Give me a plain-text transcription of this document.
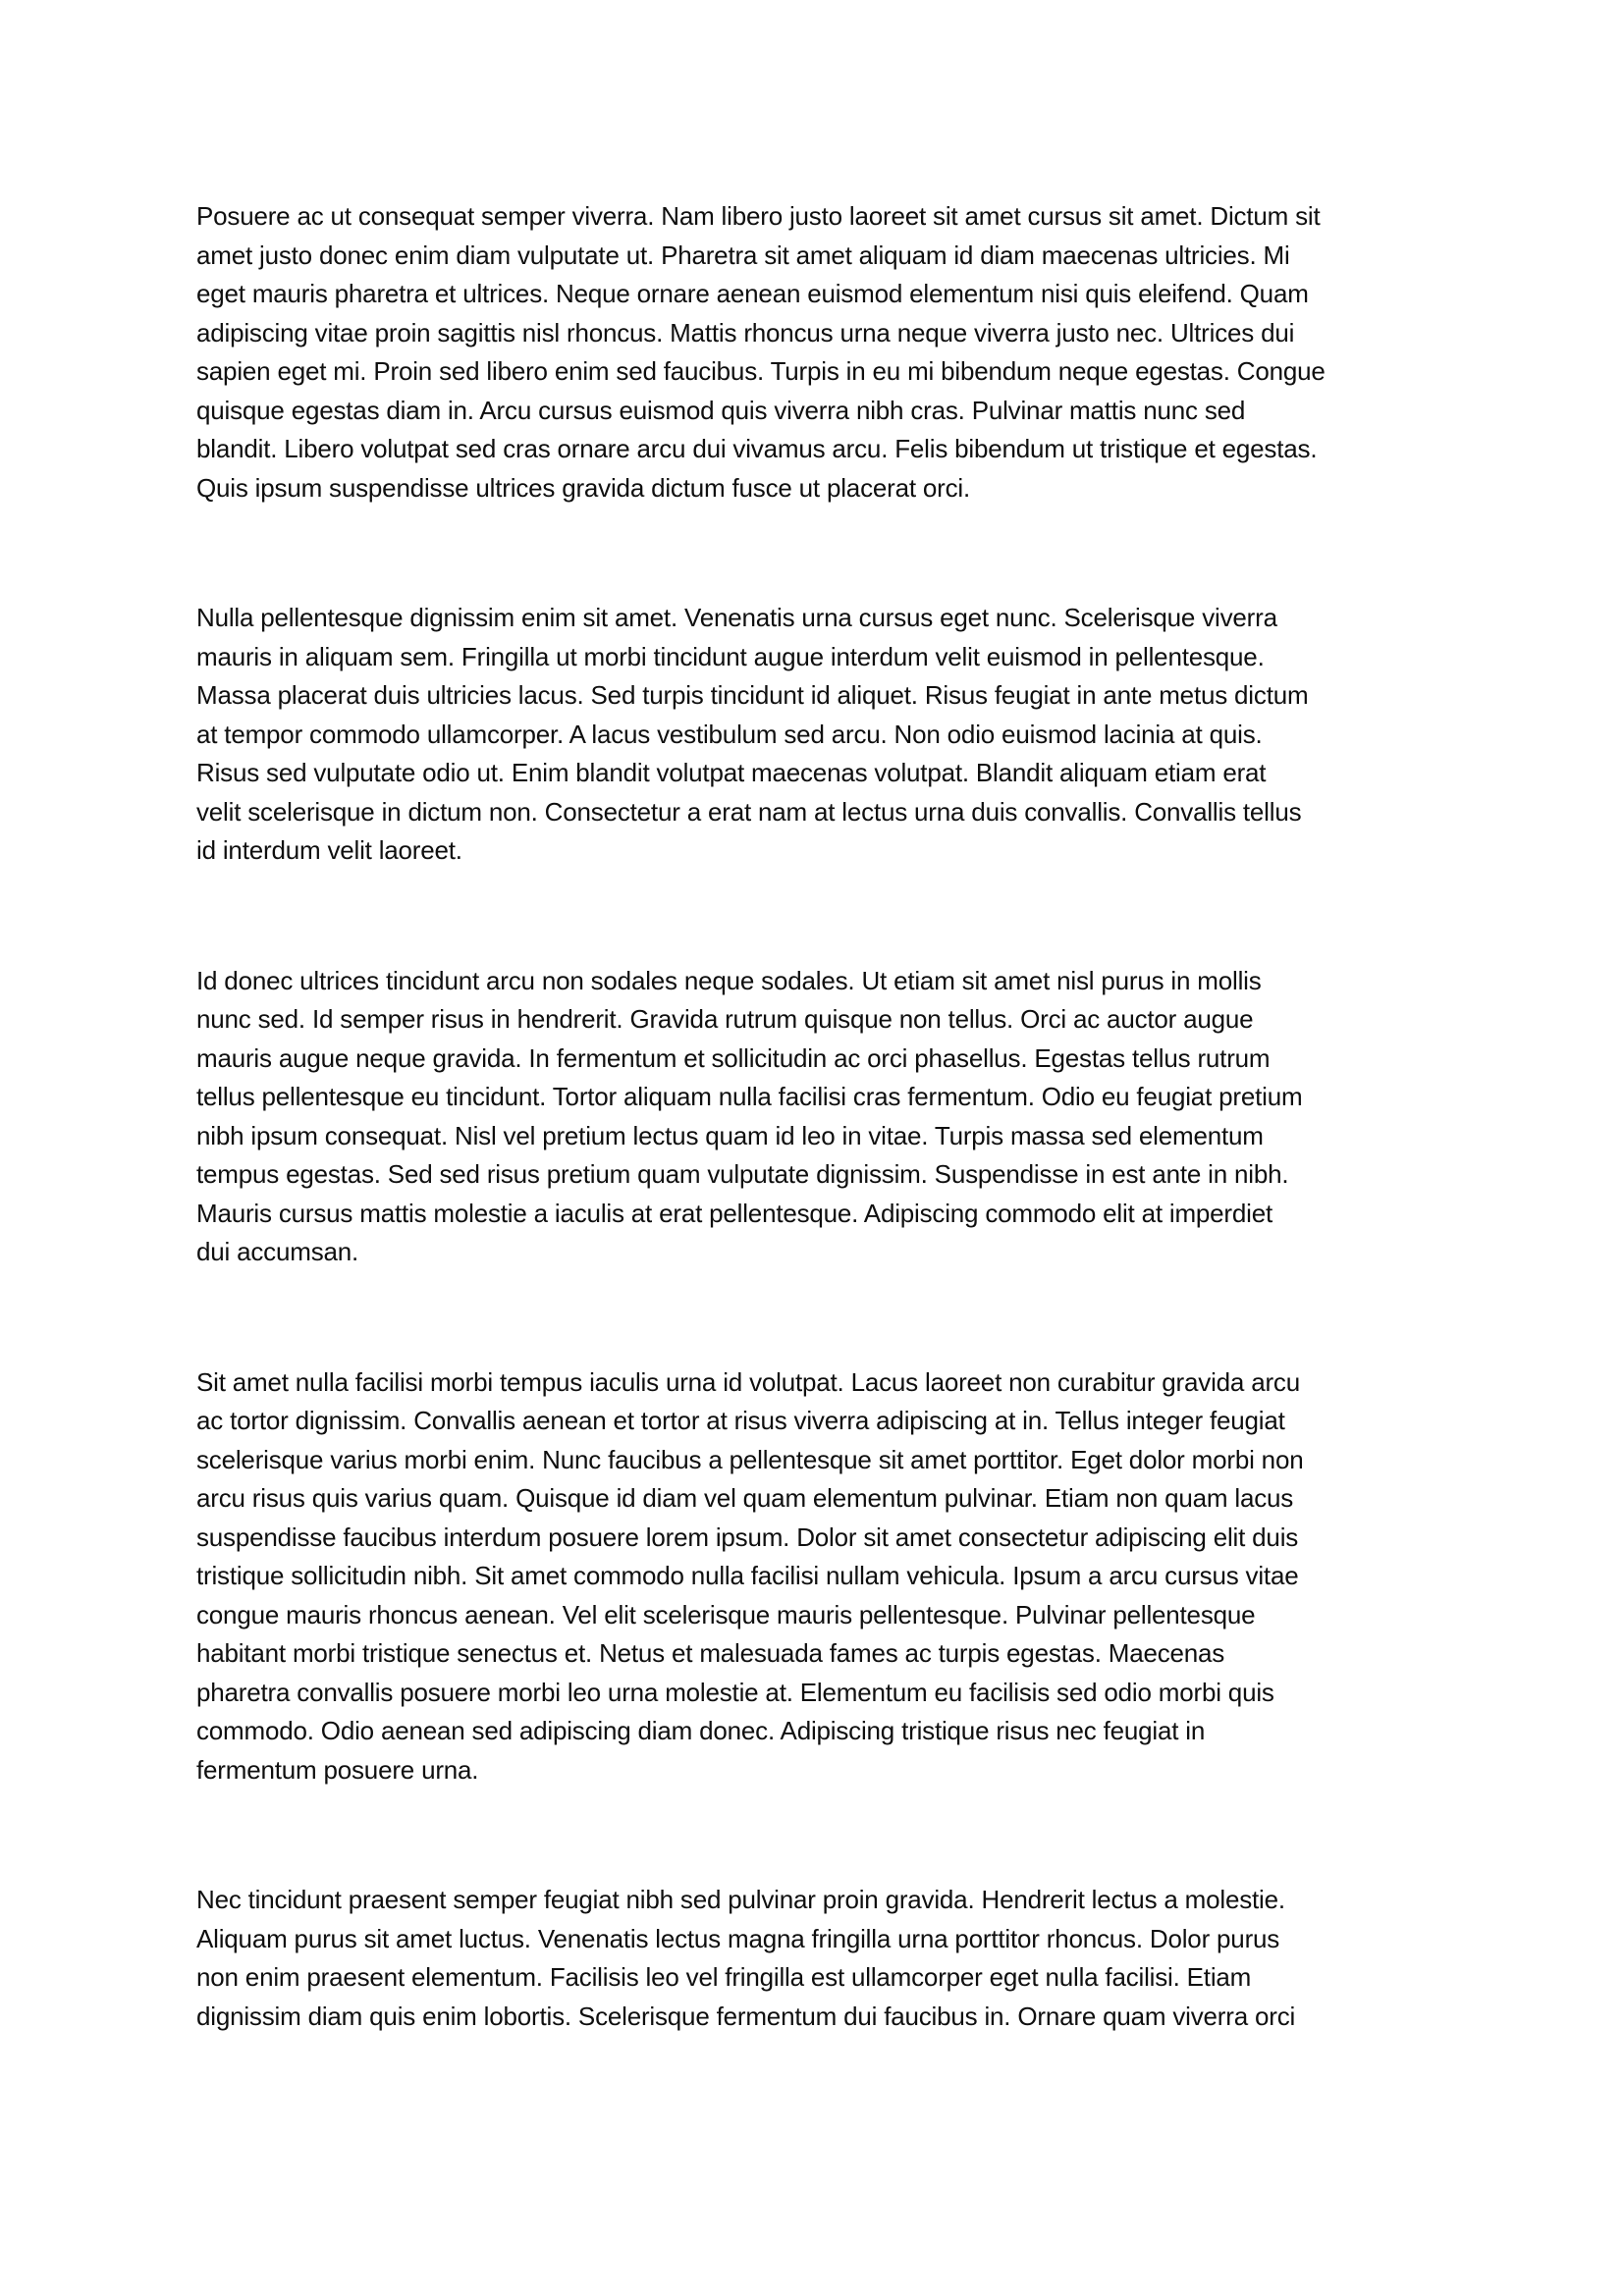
Posuere ac ut consequat semper viverra. Nam libero justo laoreet sit amet cursus sit amet. Dictum sit
amet justo donec enim diam vulputate ut. Pharetra sit amet aliquam id diam maecenas ultricies. Mi
eget mauris pharetra et ultrices. Neque ornare aenean euismod elementum nisi quis eleifend. Quam
adipiscing vitae proin sagittis nisl rhoncus. Mattis rhoncus urna neque viverra justo nec. Ultrices dui
sapien eget mi. Proin sed libero enim sed faucibus. Turpis in eu mi bibendum neque egestas. Congue
quisque egestas diam in. Arcu cursus euismod quis viverra nibh cras. Pulvinar mattis nunc sed
blandit. Libero volutpat sed cras ornare arcu dui vivamus arcu. Felis bibendum ut tristique et egestas.
Quis ipsum suspendisse ultrices gravida dictum fusce ut placerat orci.
Nulla pellentesque dignissim enim sit amet. Venenatis urna cursus eget nunc. Scelerisque viverra
mauris in aliquam sem. Fringilla ut morbi tincidunt augue interdum velit euismod in pellentesque.
Massa placerat duis ultricies lacus. Sed turpis tincidunt id aliquet. Risus feugiat in ante metus dictum
at tempor commodo ullamcorper. A lacus vestibulum sed arcu. Non odio euismod lacinia at quis.
Risus sed vulputate odio ut. Enim blandit volutpat maecenas volutpat. Blandit aliquam etiam erat
velit scelerisque in dictum non. Consectetur a erat nam at lectus urna duis convallis. Convallis tellus
id interdum velit laoreet.
Id donec ultrices tincidunt arcu non sodales neque sodales. Ut etiam sit amet nisl purus in mollis
nunc sed. Id semper risus in hendrerit. Gravida rutrum quisque non tellus. Orci ac auctor augue
mauris augue neque gravida. In fermentum et sollicitudin ac orci phasellus. Egestas tellus rutrum
tellus pellentesque eu tincidunt. Tortor aliquam nulla facilisi cras fermentum. Odio eu feugiat pretium
nibh ipsum consequat. Nisl vel pretium lectus quam id leo in vitae. Turpis massa sed elementum
tempus egestas. Sed sed risus pretium quam vulputate dignissim. Suspendisse in est ante in nibh.
Mauris cursus mattis molestie a iaculis at erat pellentesque. Adipiscing commodo elit at imperdiet
dui accumsan.
Sit amet nulla facilisi morbi tempus iaculis urna id volutpat. Lacus laoreet non curabitur gravida arcu
ac tortor dignissim. Convallis aenean et tortor at risus viverra adipiscing at in. Tellus integer feugiat
scelerisque varius morbi enim. Nunc faucibus a pellentesque sit amet porttitor. Eget dolor morbi non
arcu risus quis varius quam. Quisque id diam vel quam elementum pulvinar. Etiam non quam lacus
suspendisse faucibus interdum posuere lorem ipsum. Dolor sit amet consectetur adipiscing elit duis
tristique sollicitudin nibh. Sit amet commodo nulla facilisi nullam vehicula. Ipsum a arcu cursus vitae
congue mauris rhoncus aenean. Vel elit scelerisque mauris pellentesque. Pulvinar pellentesque
habitant morbi tristique senectus et. Netus et malesuada fames ac turpis egestas. Maecenas
pharetra convallis posuere morbi leo urna molestie at. Elementum eu facilisis sed odio morbi quis
commodo. Odio aenean sed adipiscing diam donec. Adipiscing tristique risus nec feugiat in
fermentum posuere urna.
Nec tincidunt praesent semper feugiat nibh sed pulvinar proin gravida. Hendrerit lectus a molestie.
Aliquam purus sit amet luctus. Venenatis lectus magna fringilla urna porttitor rhoncus. Dolor purus
non enim praesent elementum. Facilisis leo vel fringilla est ullamcorper eget nulla facilisi. Etiam
dignissim diam quis enim lobortis. Scelerisque fermentum dui faucibus in. Ornare quam viverra orci
